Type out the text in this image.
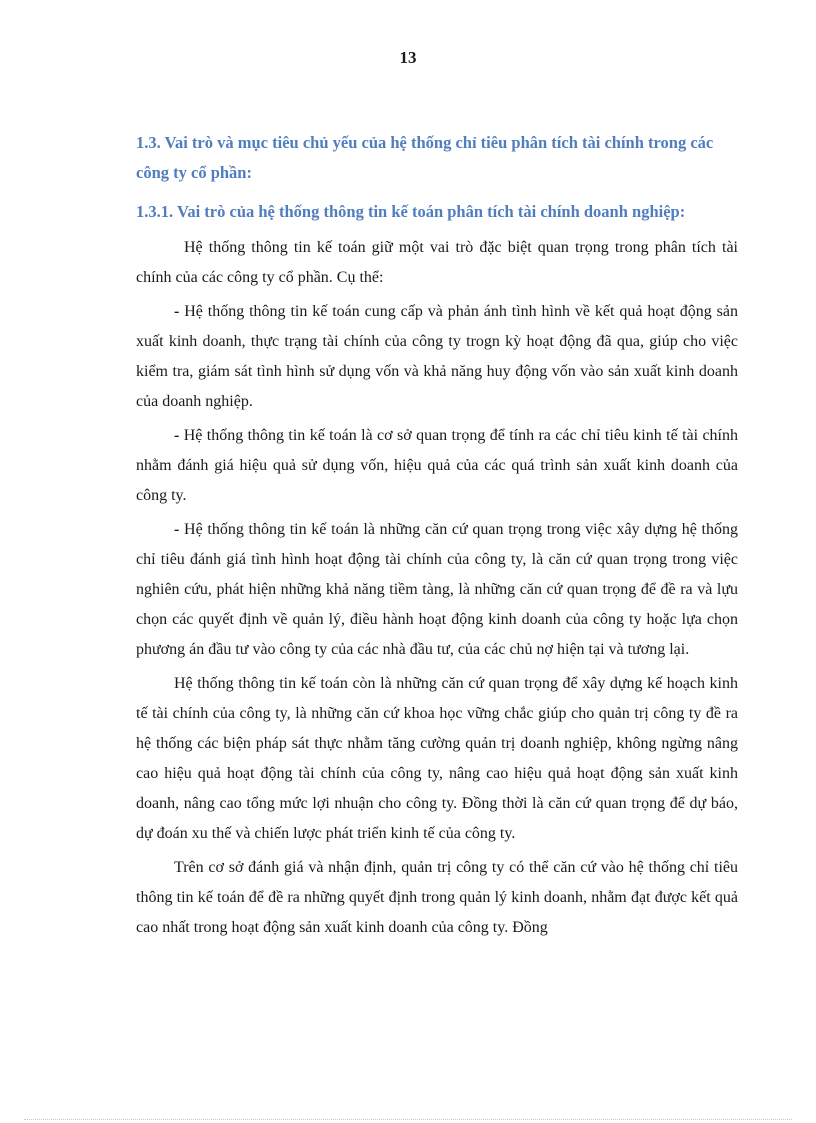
13
1.3. Vai trò và mục tiêu chủ yếu của hệ thống chỉ tiêu phân tích tài chính trong các công ty cổ phần:
1.3.1. Vai trò của hệ thống thông tin kế toán phân tích tài chính doanh nghiệp:

Hệ thống thông tin kế toán giữ một vai trò đặc biệt quan trọng trong phân tích tài chính của các công ty cổ phần. Cụ thể:

- Hệ thống thông tin kế toán cung cấp và phản ánh tình hình về kết quả hoạt động sản xuất kinh doanh, thực trạng tài chính của công ty trogn kỳ hoạt động đã qua, giúp cho việc kiểm tra, giám sát tình hình sử dụng vốn và khả năng huy động vốn vào sản xuất kinh doanh của doanh nghiệp.

- Hệ thống thông tin kế toán là cơ sở quan trọng để tính ra các chỉ tiêu kinh tế tài chính nhằm đánh giá hiệu quả sử dụng vốn, hiệu quả của các quá trình sản xuất kinh doanh của công ty.

- Hệ thống thông tin kế toán là những căn cứ quan trọng trong việc xây dựng hệ thống chỉ tiêu đánh giá tình hình hoạt động tài chính của công ty, là căn cứ quan trọng trong việc nghiên cứu, phát hiện những khả năng tiềm tàng, là những căn cứ quan trọng để đề ra và lựu chọn các quyết định về quản lý, điều hành hoạt động kinh doanh của công ty hoặc lựa chọn phương án đầu tư vào công ty của các nhà đầu tư, của các chủ nợ hiện tại và tương lại.

Hệ thống thông tin kế toán còn là những căn cứ quan trọng để xây dựng kế hoạch kinh tế tài chính của công ty, là những căn cứ khoa học vững chắc giúp cho quản trị công ty đề ra hệ thống các biện pháp sát thực nhằm tăng cường quản trị doanh nghiệp, không ngừng nâng cao hiệu quả hoạt động tài chính của công ty, nâng cao hiệu quả hoạt động sản xuất kinh doanh, nâng cao tổng mức lợi nhuận cho công ty. Đồng thời là căn cứ quan trọng để dự báo, dự đoán xu thế và chiến lược phát triển kinh tế của công ty.

Trên cơ sở đánh giá và nhận định, quản trị công ty có thể căn cứ vào hệ thống chỉ tiêu thông tin kế toán để đề ra những quyết định trong quản lý kinh doanh, nhằm đạt được kết quả cao nhất trong hoạt động sản xuất kinh doanh của công ty. Đồng
